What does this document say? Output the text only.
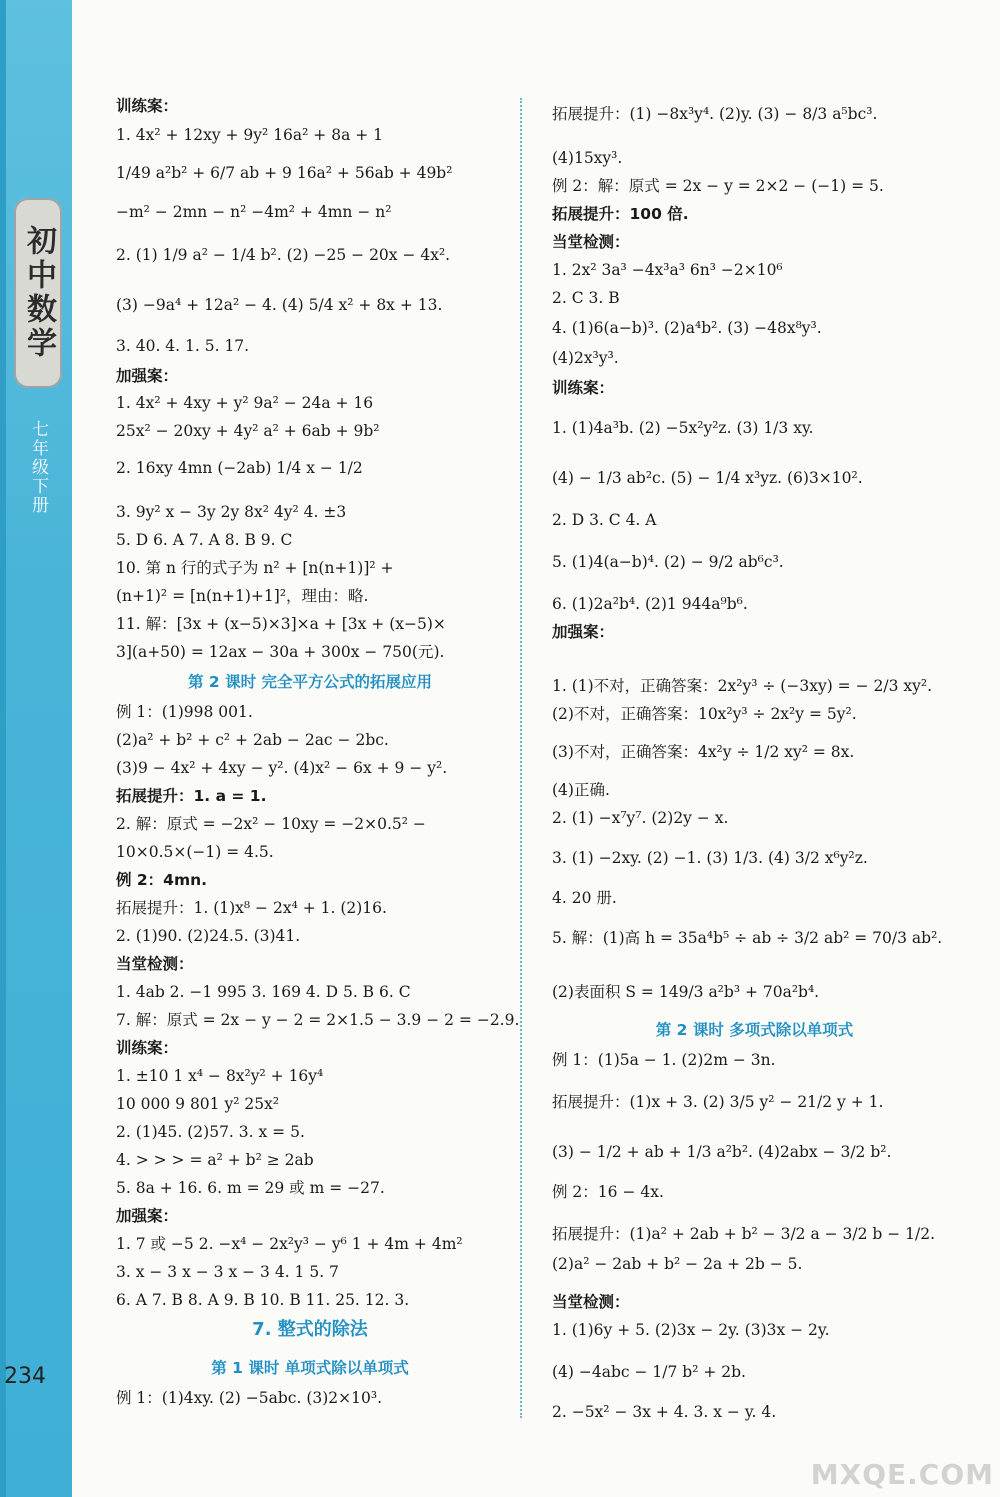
初中数学
七年级下册
234
训练案：
1. 4x² + 12xy + 9y² 16a² + 8a + 1
1/49 a²b² + 6/7 ab + 9 16a² + 56ab + 49b²
−m² − 2mn − n² −4m² + 4mn − n²
2. (1) 1/9 a² − 1/4 b². (2) −25 − 20x − 4x².
(3) −9a⁴ + 12a² − 4. (4) 5/4 x² + 8x + 13.
3. 40. 4. 1. 5. 17.
加强案：
1. 4x² + 4xy + y² 9a² − 24a + 16
25x² − 20xy + 4y² a² + 6ab + 9b²
2. 16xy 4mn (−2ab) 1/4 x − 1/2
3. 9y² x − 3y 2y 8x² 4y² 4. ±3
5. D 6. A 7. A 8. B 9. C
10. 第 n 行的式子为 n² + [n(n+1)]² +
(n+1)² = [n(n+1)+1]²，理由：略.
11. 解：[3x + (x−5)×3]×a + [3x + (x−5)×
3](a+50) = 12ax − 30a + 300x − 750(元).
第 2 课时 完全平方公式的拓展应用
例 1：(1)998 001.
(2)a² + b² + c² + 2ab − 2ac − 2bc.
(3)9 − 4x² + 4xy − y². (4)x² − 6x + 9 − y².
拓展提升：1. a = 1.
2. 解：原式 = −2x² − 10xy = −2×0.5² −
10×0.5×(−1) = 4.5.
例 2：4mn.
拓展提升：1. (1)x⁸ − 2x⁴ + 1. (2)16.
2. (1)90. (2)24.5. (3)41.
当堂检测：
1. 4ab 2. −1 995 3. 169 4. D 5. B 6. C
7. 解：原式 = 2x − y − 2 = 2×1.5 − 3.9 − 2 = −2.9.
训练案：
1. ±10 1 x⁴ − 8x²y² + 16y⁴
10 000 9 801 y² 25x²
2. (1)45. (2)57. 3. x = 5.
4. > > > = a² + b² ≥ 2ab
5. 8a + 16. 6. m = 29 或 m = −27.
加强案：
1. 7 或 −5 2. −x⁴ − 2x²y³ − y⁶ 1 + 4m + 4m²
3. x − 3 x − 3 x − 3 4. 1 5. 7
6. A 7. B 8. A 9. B 10. B 11. 25. 12. 3.
7. 整式的除法
第 1 课时 单项式除以单项式
例 1：(1)4xy. (2) −5abc. (3)2×10³.
拓展提升：(1) −8x³y⁴. (2)y. (3) − 8/3 a⁵bc³.
(4)15xy³.
例 2：解：原式 = 2x − y = 2×2 − (−1) = 5.
拓展提升：100 倍.
当堂检测：
1. 2x² 3a³ −4x³a³ 6n³ −2×10⁶
2. C 3. B
4. (1)6(a−b)³. (2)a⁴b². (3) −48x⁸y³.
(4)2x³y³.
训练案：
1. (1)4a³b. (2) −5x²y²z. (3) 1/3 xy.
(4) − 1/3 ab²c. (5) − 1/4 x³yz. (6)3×10².
2. D 3. C 4. A
5. (1)4(a−b)⁴. (2) − 9/2 ab⁶c³.
6. (1)2a²b⁴. (2)1 944a⁹b⁶.
加强案：
1. (1)不对，正确答案：2x²y³ ÷ (−3xy) = − 2/3 xy².
(2)不对，正确答案：10x²y³ ÷ 2x²y = 5y².
(3)不对，正确答案：4x²y ÷ 1/2 xy² = 8x.
(4)正确.
2. (1) −x⁷y⁷. (2)2y − x.
3. (1) −2xy. (2) −1. (3) 1/3. (4) 3/2 x⁶y²z.
4. 20 册.
5. 解：(1)高 h = 35a⁴b⁵ ÷ ab ÷ 3/2 ab² = 70/3 ab².
(2)表面积 S = 149/3 a²b³ + 70a²b⁴.
第 2 课时 多项式除以单项式
例 1：(1)5a − 1. (2)2m − 3n.
拓展提升：(1)x + 3. (2) 3/5 y² − 21/2 y + 1.
(3) − 1/2 + ab + 1/3 a²b². (4)2abx − 3/2 b².
例 2：16 − 4x.
拓展提升：(1)a² + 2ab + b² − 3/2 a − 3/2 b − 1/2.
(2)a² − 2ab + b² − 2a + 2b − 5.
当堂检测：
1. (1)6y + 5. (2)3x − 2y. (3)3x − 2y.
(4) −4abc − 1/7 b² + 2b.
2. −5x² − 3x + 4. 3. x − y. 4.
MXQE.COM
